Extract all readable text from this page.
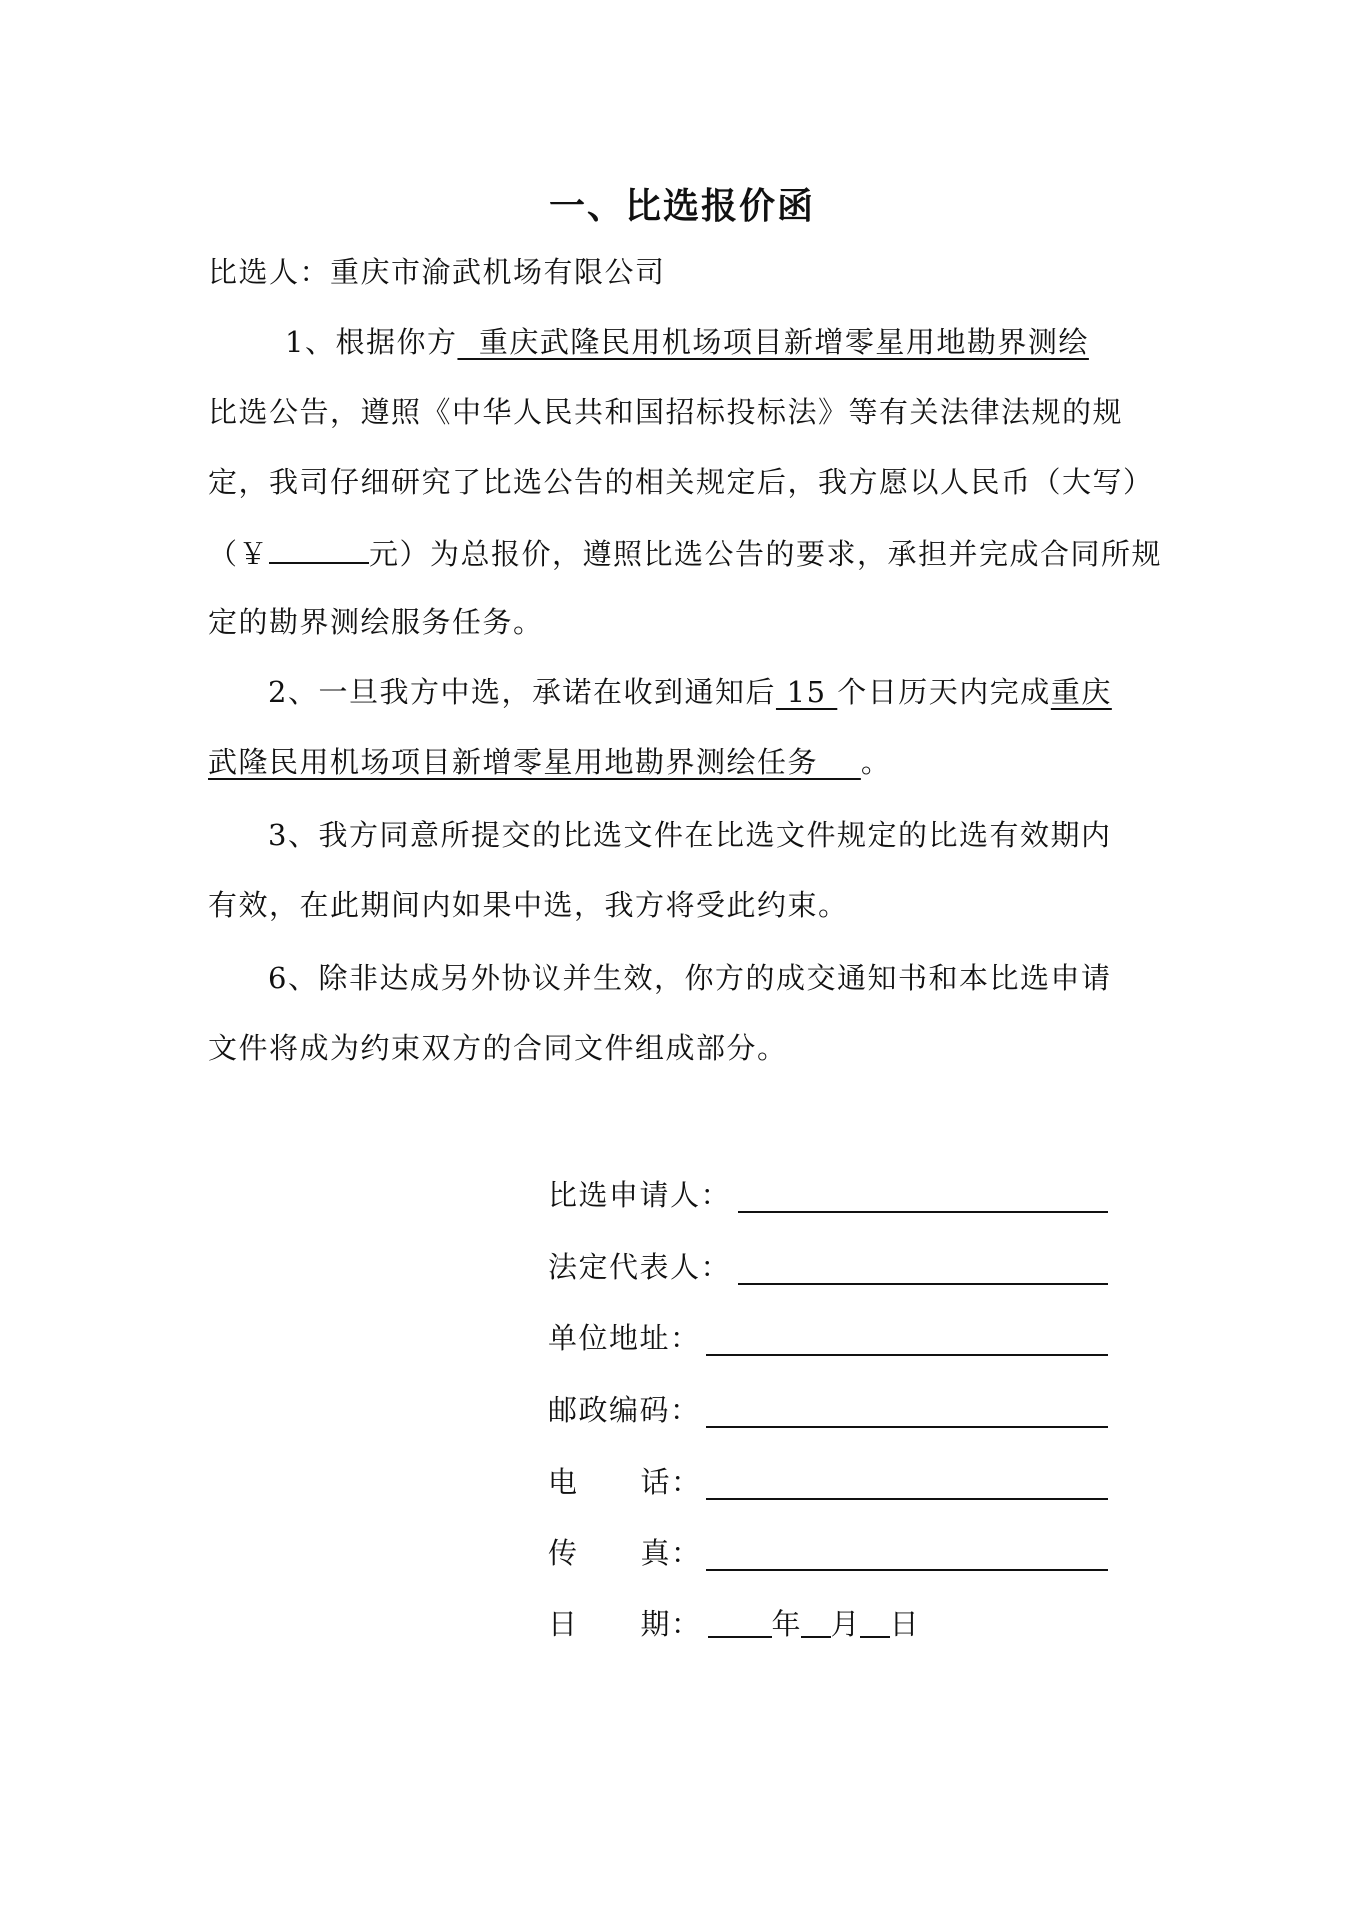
一、比选报价函
比选人：重庆市渝武机场有限公司
1、根据你方  重庆武隆民用机场项目新增零星用地勘界测绘
比选公告，遵照《中华人民共和国招标投标法》等有关法律法规的规
定，我司仔细研究了比选公告的相关规定后，我方愿以人民币（大写）
（￥	元）为总报价，遵照比选公告的要求，承担并完成合同所规
定的勘界测绘服务任务。
2、一旦我方中选，承诺在收到通知后 15 个日历天内完成重庆
武隆民用机场项目新增零星用地勘界测绘任务    。
3、我方同意所提交的比选文件在比选文件规定的比选有效期内
有效，在此期间内如果中选，我方将受此约束。
6、除非达成另外协议并生效，你方的成交通知书和本比选申请
文件将成为约束双方的合同文件组成部分。
比选申请人：
法定代表人：
单位地址：
邮政编码：
电 话：
传 真：
日 期： 年 月 日
